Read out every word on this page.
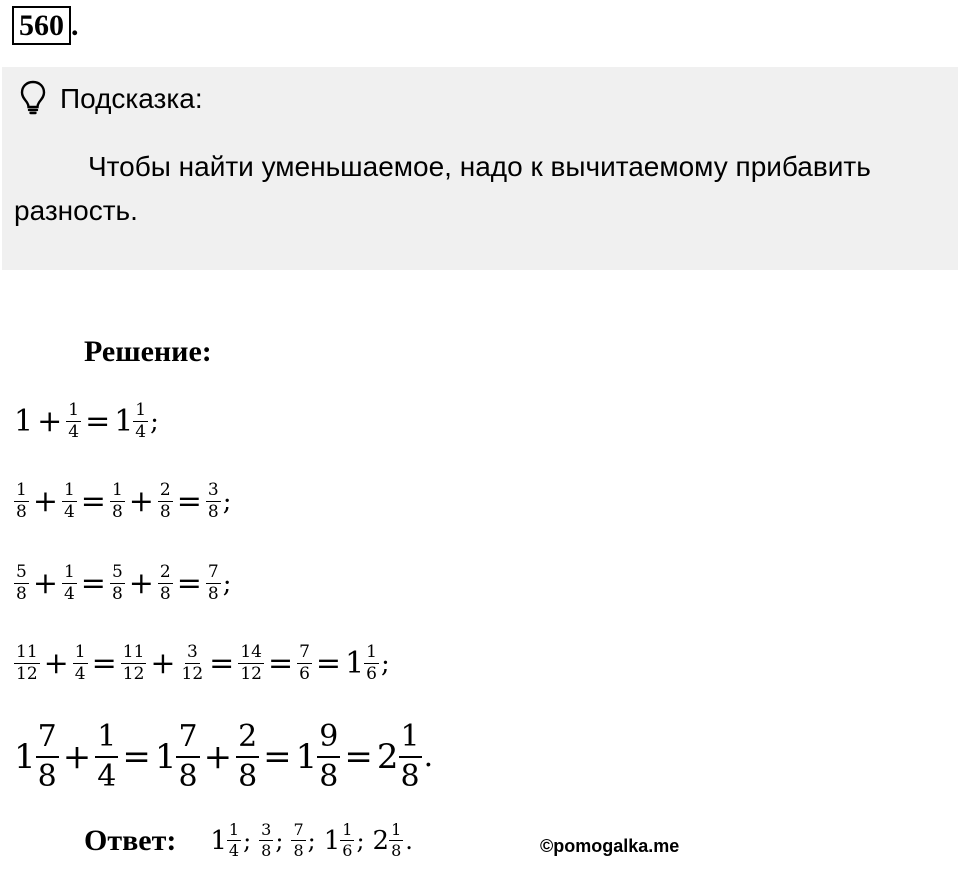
560 .
Подсказка:
Чтобы найти уменьшаемое, надо к вычитаемому прибавить разность.
Решение:
$1 + \frac{1}{4} = 1 \frac{1}{4}$ ;
$\frac{1}{8} + \frac{1}{4} = \frac{1}{8} + \frac{2}{8} = \frac{3}{8}$ ;
$\frac{5}{8} + \frac{1}{4} = \frac{5}{8} + \frac{2}{8} = \frac{7}{8}$ ;
$\frac{11}{12} + \frac{1}{4} = \frac{11}{12} + \frac{3}{12} = \frac{14}{12} = \frac{7}{6} = 1 \frac{1}{6}$ ;
$1 \frac{7}{8} + \frac{1}{4} = 1 \frac{7}{8} + \frac{2}{8} = 1 \frac{9}{8} = 2 \frac{1}{8}$ .
Ответ: $1 \frac{1}{4}$ ; $\frac{3}{8}$ ; $\frac{7}{8}$ ; $1 \frac{1}{6}$ ; $2 \frac{1}{8}$ .	©pomogalka.me
